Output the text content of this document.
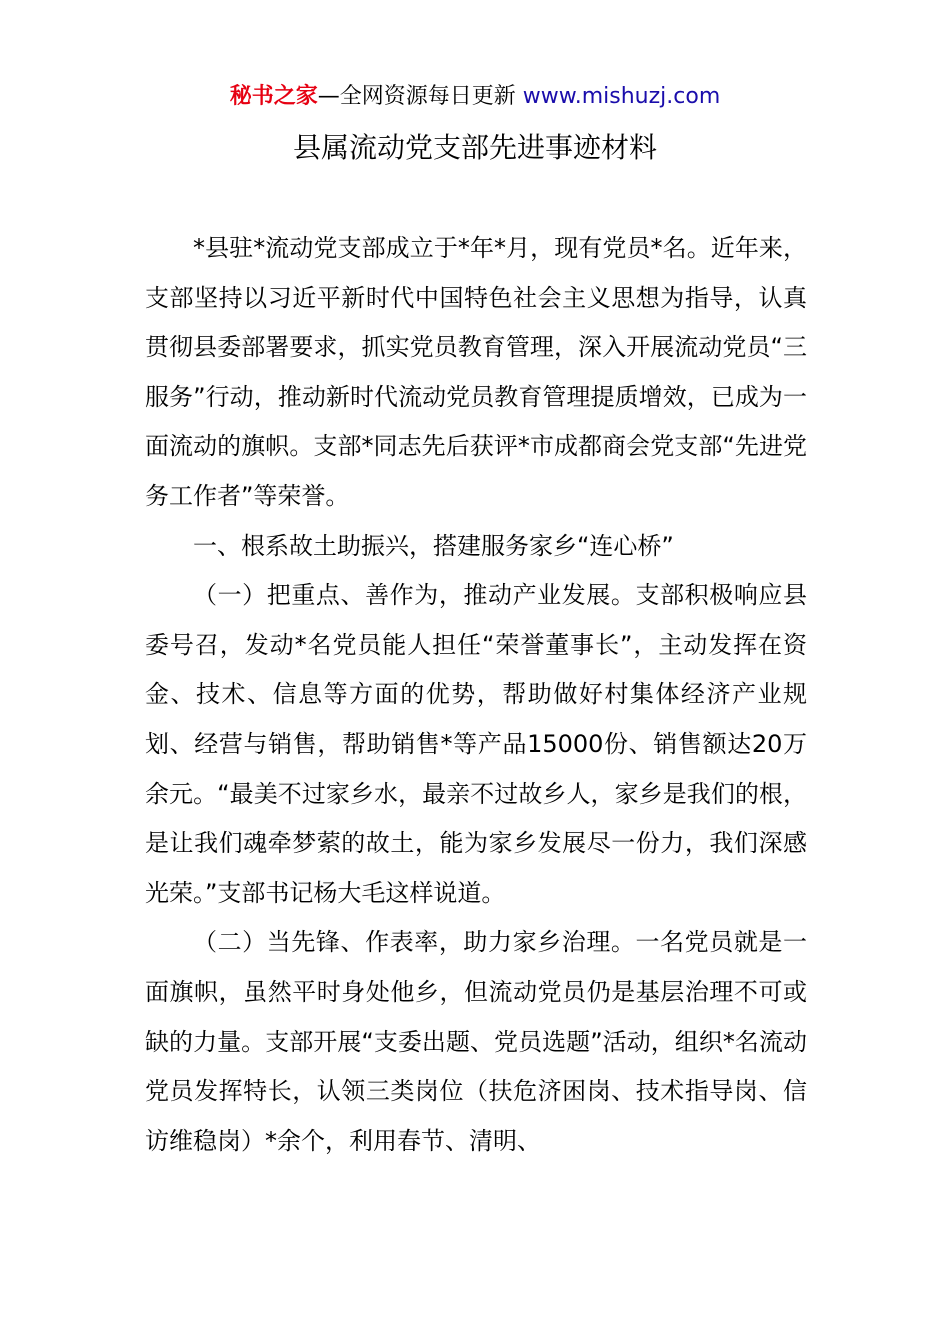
秘书之家—全网资源每日更新 www.mishuzj.com
县属流动党支部先进事迹材料

*县驻*流动党支部成立于*年*月，现有党员*名。近年来，支部坚持以习近平新时代中国特色社会主义思想为指导，认真贯彻县委部署要求，抓实党员教育管理，深入开展流动党员“三服务”行动，推动新时代流动党员教育管理提质增效，已成为一面流动的旗帜。支部*同志先后获评*市成都商会党支部“先进党务工作者”等荣誉。

一、根系故土助振兴，搭建服务家乡“连心桥”

（一）把重点、善作为，推动产业发展。支部积极响应县委号召，发动*名党员能人担任“荣誉董事长”，主动发挥在资金、技术、信息等方面的优势，帮助做好村集体经济产业规划、经营与销售，帮助销售*等产品15000份、销售额达20万余元。“最美不过家乡水，最亲不过故乡人，家乡是我们的根，是让我们魂牵梦萦的故土，能为家乡发展尽一份力，我们深感光荣。”支部书记杨大毛这样说道。

（二）当先锋、作表率，助力家乡治理。一名党员就是一面旗帜，虽然平时身处他乡，但流动党员仍是基层治理不可或缺的力量。支部开展“支委出题、党员选题”活动，组织*名流动党员发挥特长，认领三类岗位（扶危济困岗、技术指导岗、信访维稳岗）*余个，利用春节、清明、
